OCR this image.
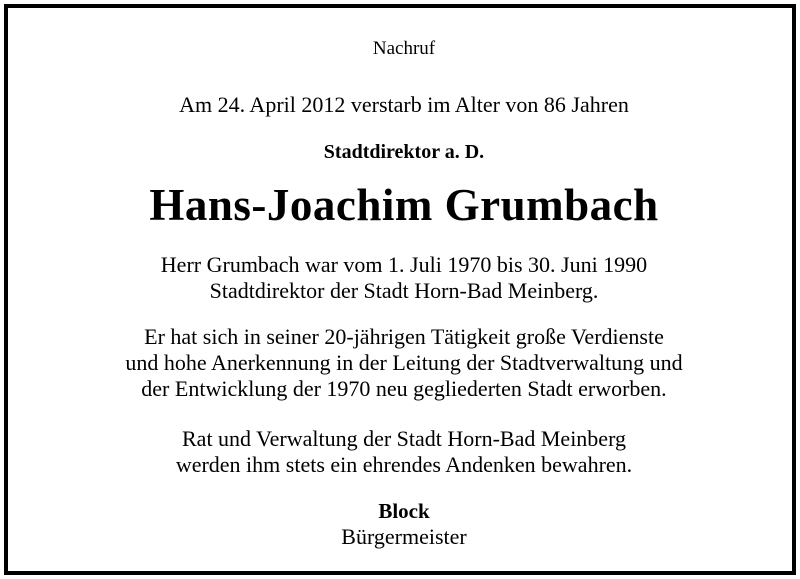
Nachruf

Am 24. April 2012 verstarb im Alter von 86 Jahren

Stadtdirektor a. D.

Hans-Joachim Grumbach

Herr Grumbach war vom 1. Juli 1970 bis 30. Juni 1990
Stadtdirektor der Stadt Horn-Bad Meinberg.
Er hat sich in seiner 20-jährigen Tätigkeit große Verdienste
und hohe Anerkennung in der Leitung der Stadtverwaltung und
der Entwicklung der 1970 neu gegliederten Stadt erworben.
Rat und Verwaltung der Stadt Horn-Bad Meinberg
werden ihm stets ein ehrendes Andenken bewahren.

Block

Bürgermeister
